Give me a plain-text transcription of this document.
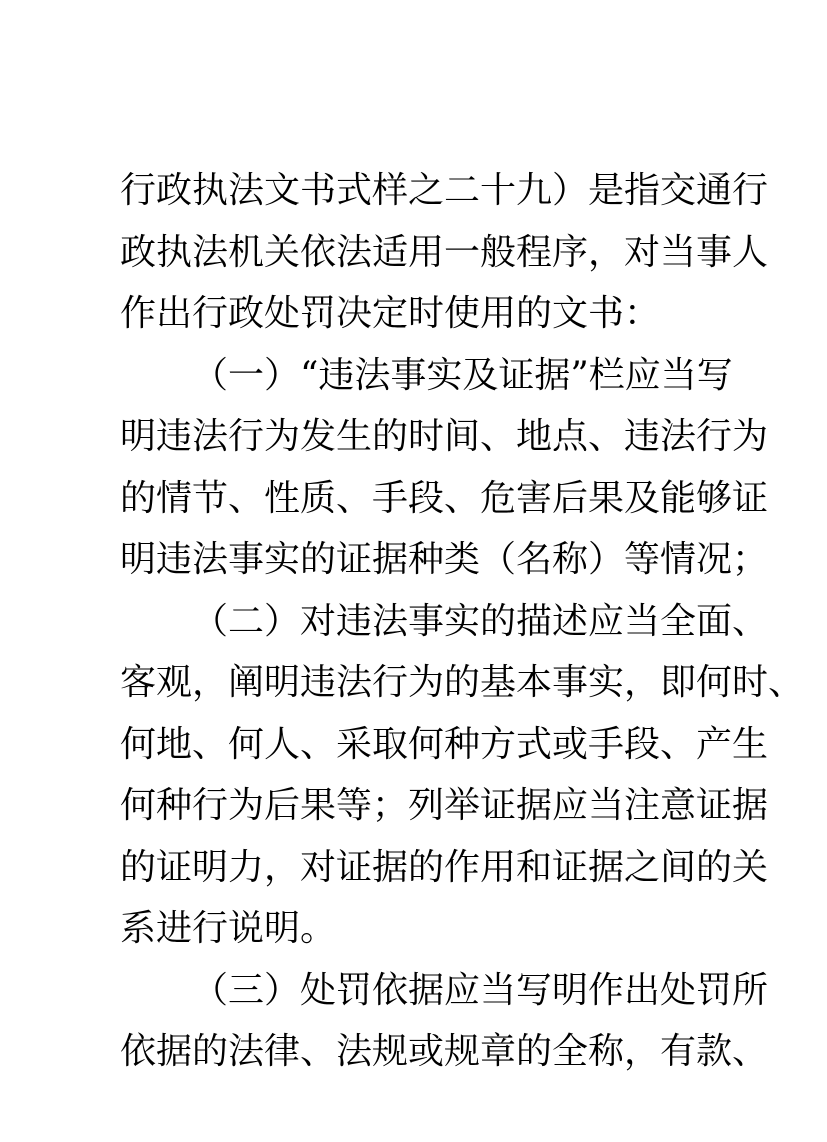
行政执法文书式样之二十九）是指交通行
政执法机关依法适用一般程序，对当事人
作出行政处罚决定时使用的文书：
（一）“违法事实及证据”栏应当写
明违法行为发生的时间、地点、违法行为
的情节、性质、手段、危害后果及能够证
明违法事实的证据种类（名称）等情况；
（二）对违法事实的描述应当全面、
客观，阐明违法行为的基本事实，即何时、
何地、何人、采取何种方式或手段、产生
何种行为后果等；列举证据应当注意证据
的证明力，对证据的作用和证据之间的关
系进行说明。
（三）处罚依据应当写明作出处罚所
依据的法律、法规或规章的全称，有款、
